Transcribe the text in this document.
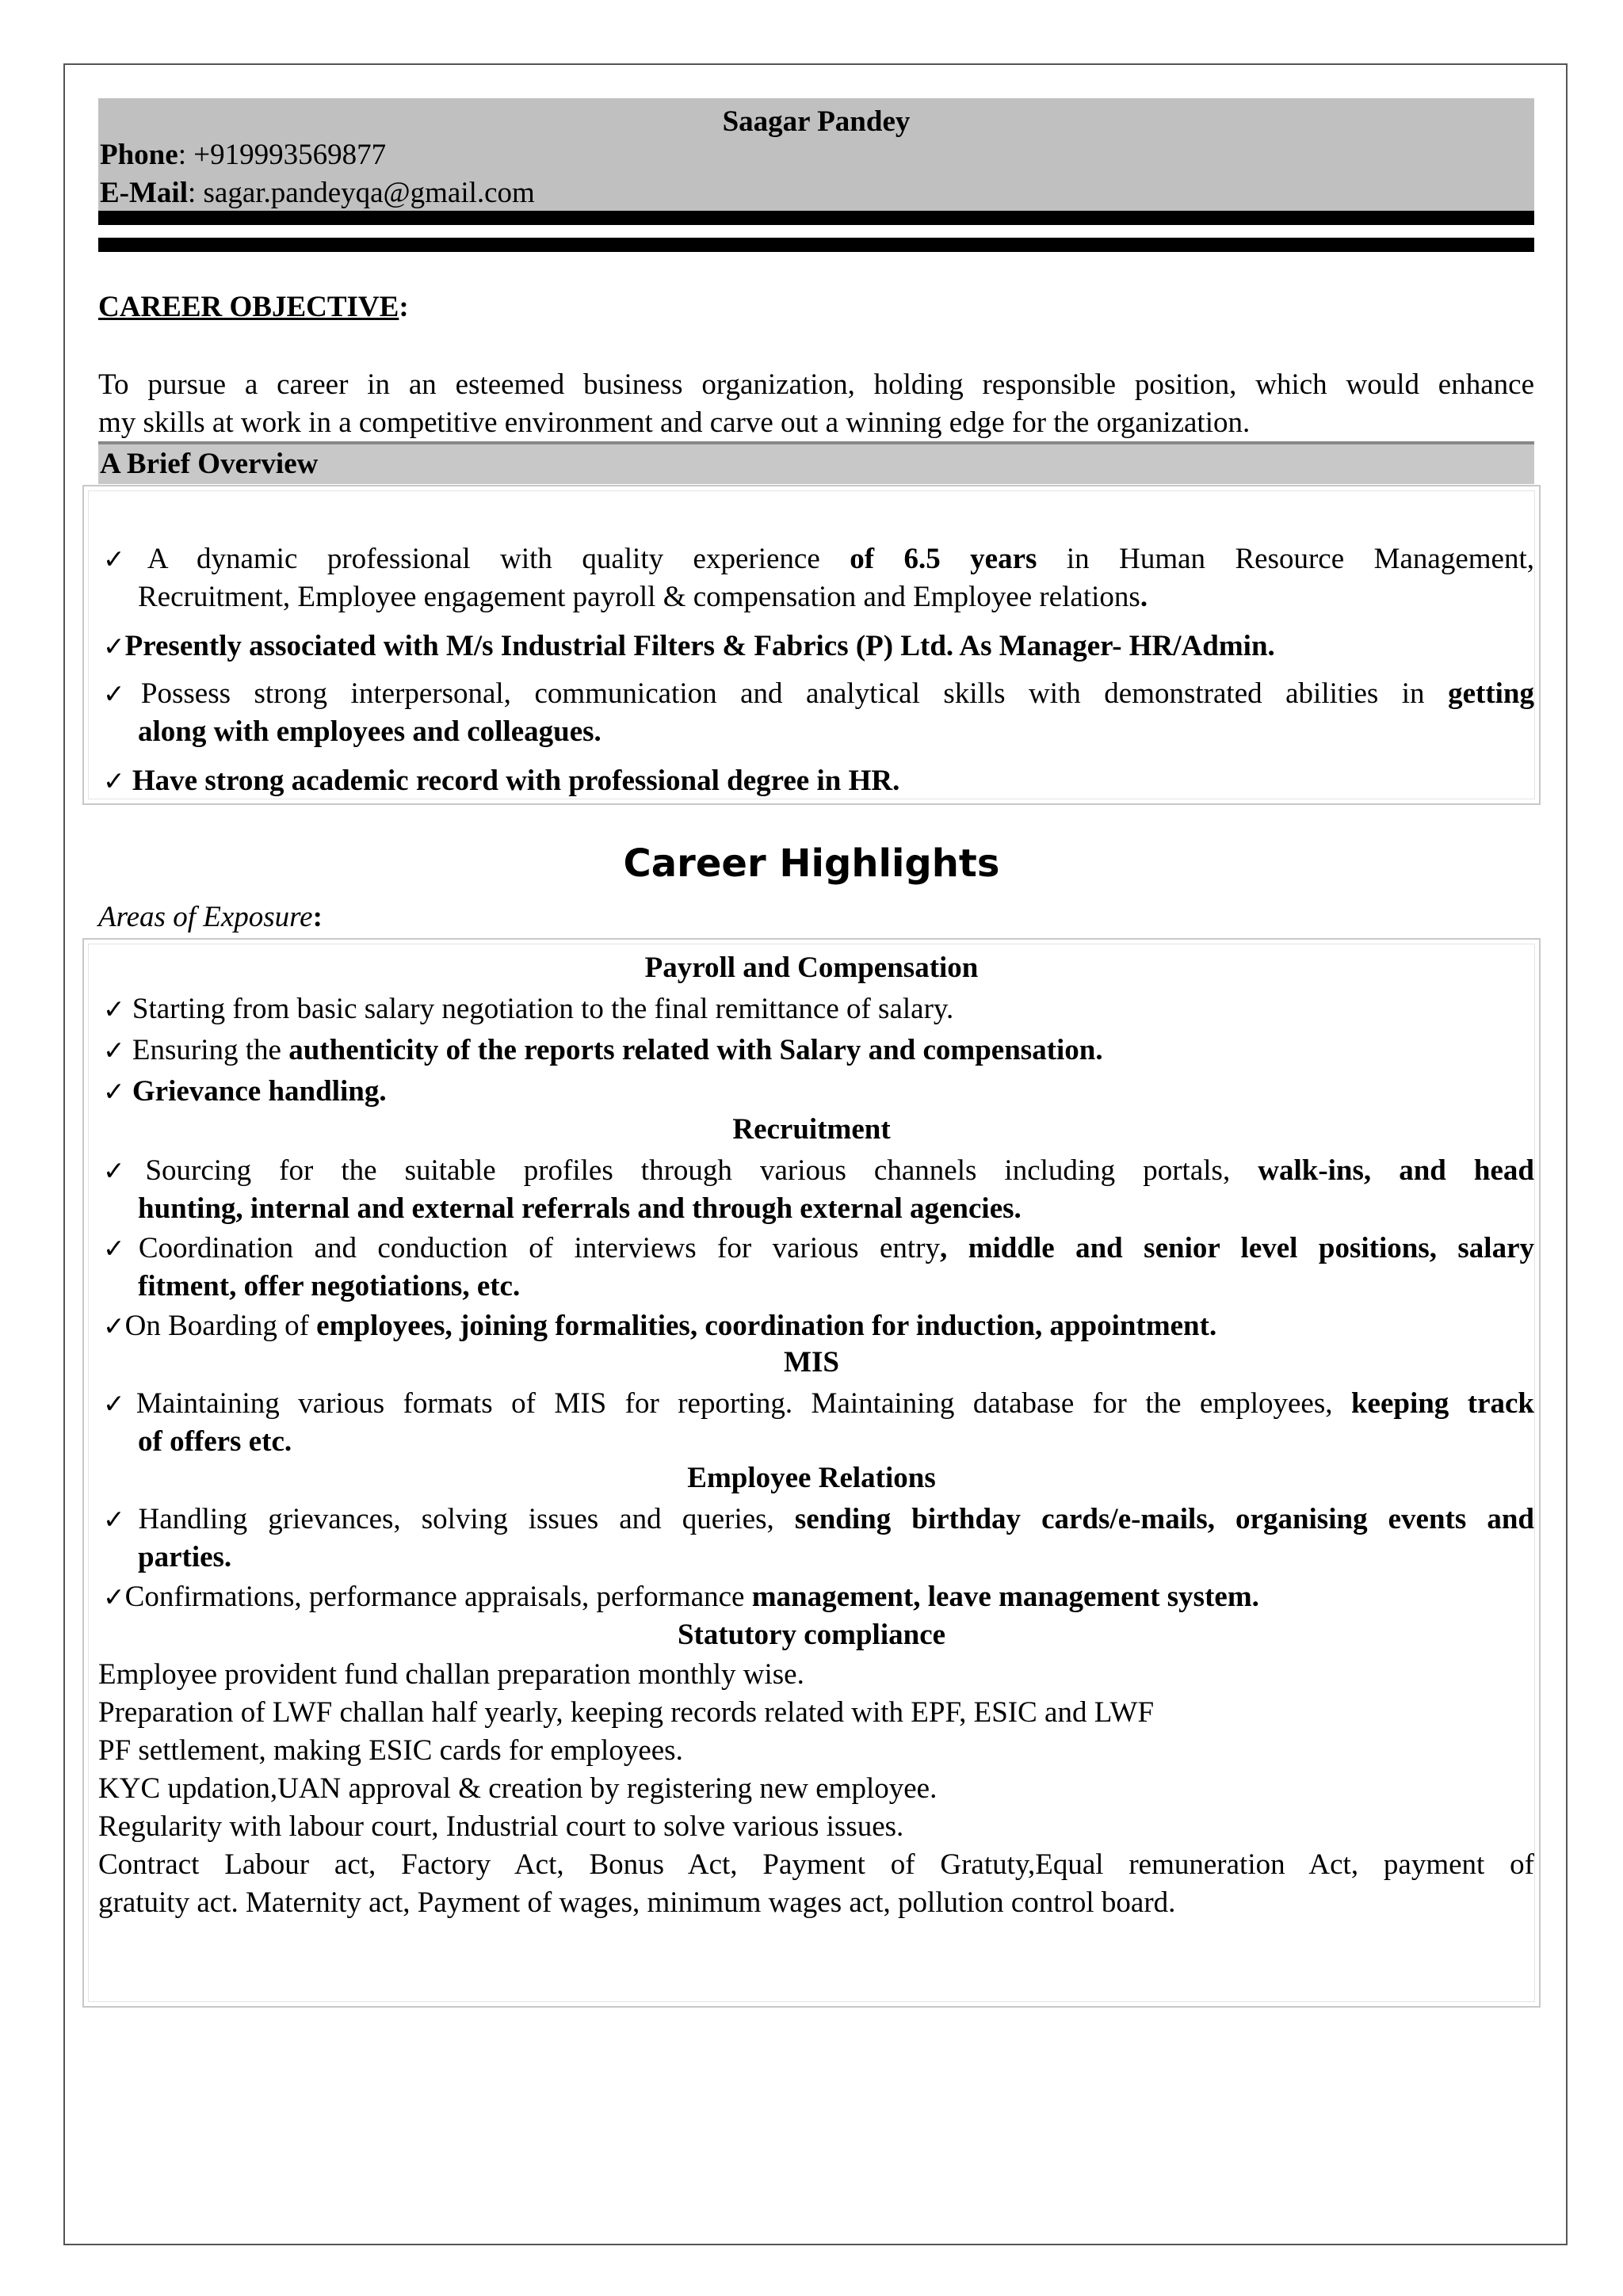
Saagar Pandey
Phone: +919993569877
E-Mail: sagar.pandeyqa@gmail.com
CAREER OBJECTIVE:
To pursue a career in an esteemed business organization, holding responsible position, which would enhance
my skills at work in a competitive environment and carve out a winning edge for the organization.
A Brief Overview
✓A dynamic professional with quality experience of 6.5 years in Human Resource Management,
Recruitment, Employee engagement payroll & compensation and Employee relations.
✓Presently associated with M/s Industrial Filters & Fabrics (P) Ltd. As Manager- HR/Admin.
✓Possess strong interpersonal, communication and analytical skills with demonstrated abilities in getting
along with employees and colleagues.
✓ Have strong academic record with professional degree in HR.
Career Highlights
Areas of Exposure:
Payroll and Compensation
✓ Starting from basic salary negotiation to the final remittance of salary.
✓ Ensuring the authenticity of the reports related with Salary and compensation.
✓ Grievance handling.
Recruitment
✓Sourcing for the suitable profiles through various channels including portals, walk-ins, and head
hunting, internal and external referrals and through external agencies.
✓Coordination and conduction of interviews for various entry, middle and senior level positions, salary
fitment, offer negotiations, etc.
✓On Boarding of employees, joining formalities, coordination for induction, appointment.
MIS
✓Maintaining various formats of MIS for reporting. Maintaining database for the employees, keeping track
of offers etc.
Employee Relations
✓Handling grievances, solving issues and queries, sending birthday cards/e-mails, organising events and
parties.
✓Confirmations, performance appraisals, performance management, leave management system.
Statutory compliance
Employee provident fund challan preparation monthly wise.
Preparation of LWF challan half yearly, keeping records related with EPF, ESIC and LWF
PF settlement, making ESIC cards for employees.
KYC updation,UAN approval & creation by registering new employee.
Regularity with labour court, Industrial court to solve various issues.
Contract Labour act, Factory Act, Bonus Act, Payment of Gratuty,Equal remuneration Act, payment of
gratuity act. Maternity act, Payment of wages, minimum wages act, pollution control board.
